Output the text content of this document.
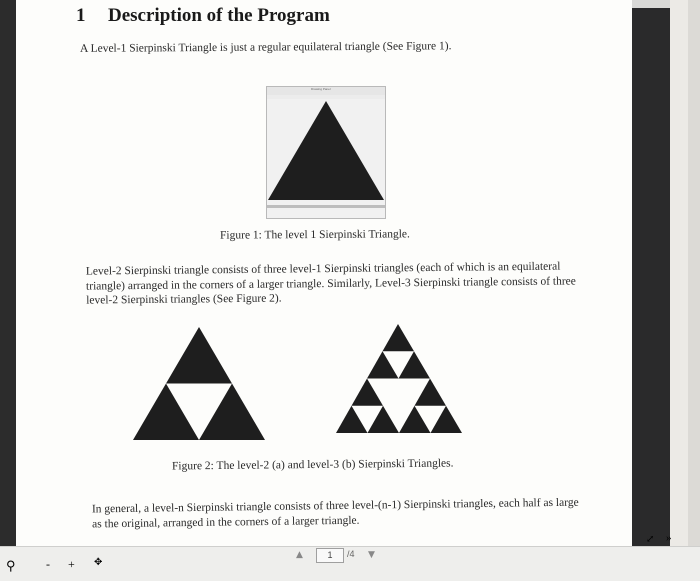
1 Description of the Program
A Level-1 Sierpinski Triangle is just a regular equilateral triangle (See Figure 1).
Drawing Panel
Figure 1: The level 1 Sierpinski Triangle.
Level-2 Sierpinski triangle consists of three level-1 Sierpinski triangles (each of which is an equilateral triangle) arranged in the corners of a larger triangle. Similarly, Level-3 Sierpinski triangle consists of three level-2 Sierpinski triangles (See Figure 2).
Figure 2: The level-2 (a) and level-3 (b) Sierpinski Triangles.
In general, a level-n Sierpinski triangle consists of three level-(n-1) Sierpinski triangles, each half as large as the original, arranged in the corners of a larger triangle.
⚲	- + ✥
▲	1	/4 ▼
⤢ »
